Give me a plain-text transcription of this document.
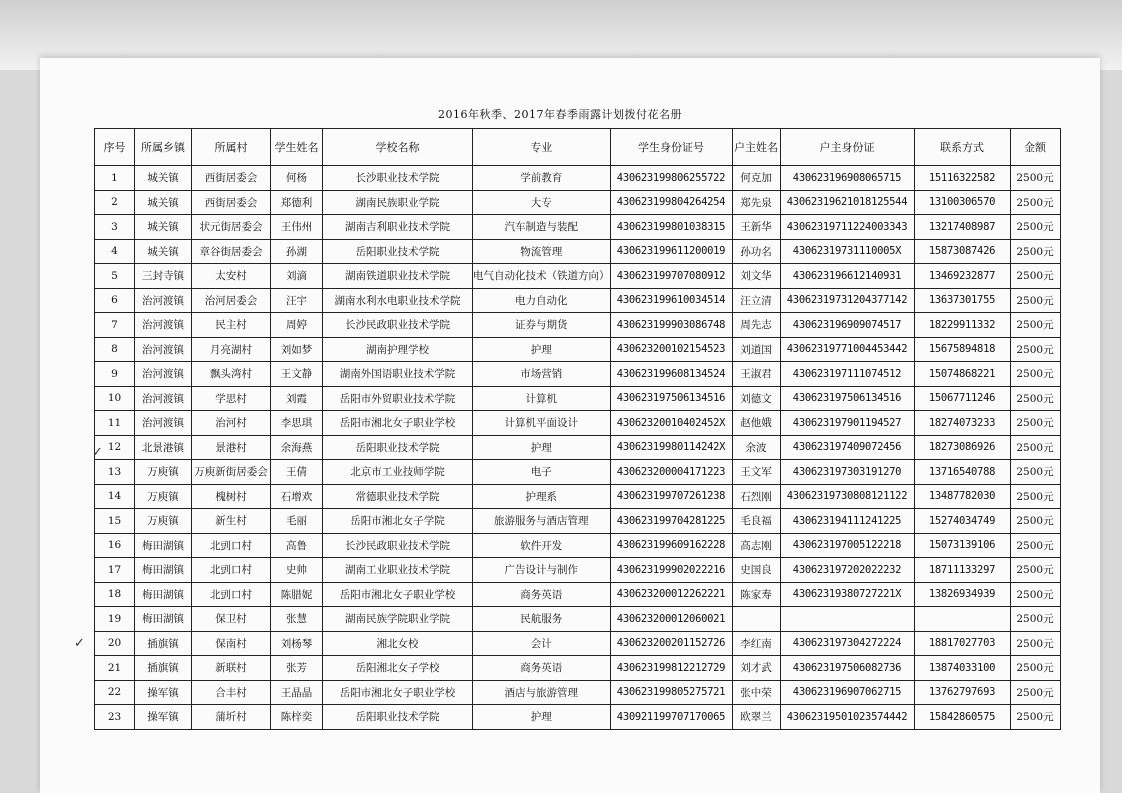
2016年秋季、2017年春季雨露计划拨付花名册
序号	所属乡镇	所属村	学生姓名	学校名称	专业	学生身份证号	户主姓名	户主身份证	联系方式	金额
1	城关镇	西街居委会	何杨	长沙职业技术学院	学前教育	430623199806255722	何克加	430623196908065715	15116322582	2500元
2	城关镇	西街居委会	郑德利	湖南民族职业学院	大专	430623199804264254	郑先泉	43062319621018125544	13100306570	2500元
3	城关镇	状元街居委会	王伟州	湖南吉利职业技术学院	汽车制造与装配	430623199801038315	王新华	43062319711224003343	13217408987	2500元
4	城关镇	章谷街居委会	孙湖	岳阳职业技术学院	物流管理	430623199611200019	孙功名	43062319731110005X	15873087426	2500元
5	三封寺镇	太安村	刘滴	湖南铁道职业技术学院	电气自动化技术（铁道方向）	430623199707080912	刘文华	430623196612140931	13469232877	2500元
6	治河渡镇	治河居委会	汪宇	湖南水利水电职业技术学院	电力自动化	430623199610034514	汪立清	43062319731204377142	13637301755	2500元
7	治河渡镇	民主村	周婷	长沙民政职业技术学院	证券与期货	430623199903086748	周先志	430623196909074517	18229911332	2500元
8	治河渡镇	月亮湖村	刘如梦	湖南护理学校	护理	430623200102154523	刘道国	43062319771004453442	15675894818	2500元
9	治河渡镇	飘头湾村	王文静	湖南外国语职业技术学院	市场营销	430623199608134524	王淑君	430623197111074512	15074868221	2500元
10	治河渡镇	学思村	刘霞	岳阳市外贸职业技术学院	计算机	430623197506134516	刘德文	430623197506134516	15067711246	2500元
11	治河渡镇	治河村	李思琪	岳阳市湘北女子职业学校	计算机平面设计	43062320010402452X	赵他娥	430623197901194527	18274073233	2500元
12	北景港镇	景港村	余海燕	岳阳职业技术学院	护理	43062319980114242X	余波	430623197409072456	18273086926	2500元
13	万庾镇	万庾新街居委会	王倩	北京市工业技师学院	电子	430623200004171223	王文军	430623197303191270	13716540788	2500元
14	万庾镇	槐树村	石增欢	常德职业技术学院	护理系	430623199707261238	石烈刚	43062319730808121122	13487782030	2500元
15	万庾镇	新生村	毛丽	岳阳市湘北女子学院	旅游服务与酒店管理	430623199704281225	毛良福	430623194111241225	15274034749	2500元
16	梅田湖镇	北剅口村	高鲁	长沙民政职业技术学院	软件开发	430623199609162228	高志刚	430623197005122218	15073139106	2500元
17	梅田湖镇	北剅口村	史帅	湖南工业职业技术学院	广告设计与制作	430623199902022216	史国良	430623197202022232	18711133297	2500元
18	梅田湖镇	北剅口村	陈腊妮	岳阳市湘北女子职业学校	商务英语	430623200012262221	陈家寿	43062319380727221X	13826934939	2500元
19	梅田湖镇	保卫村	张慧	湖南民族学院职业学院	民航服务	430623200012060021				2500元
20	插旗镇	保南村	刘杨琴	湘北女校	会计	430623200201152726	李红南	430623197304272224	18817027703	2500元
21	插旗镇	新联村	张芳	岳阳湘北女子学校	商务英语	430623199812212729	刘才武	430623197506082736	13874033100	2500元
22	操军镇	合丰村	王晶晶	岳阳市湘北女子职业学校	酒店与旅游管理	430623199805275721	张中荣	430623196907062715	13762797693	2500元
23	操军镇	蒲圻村	陈梓奕	岳阳职业技术学院	护理	430921199707170065	欧翠兰	43062319501023574442	15842860575	2500元
✓
✓
